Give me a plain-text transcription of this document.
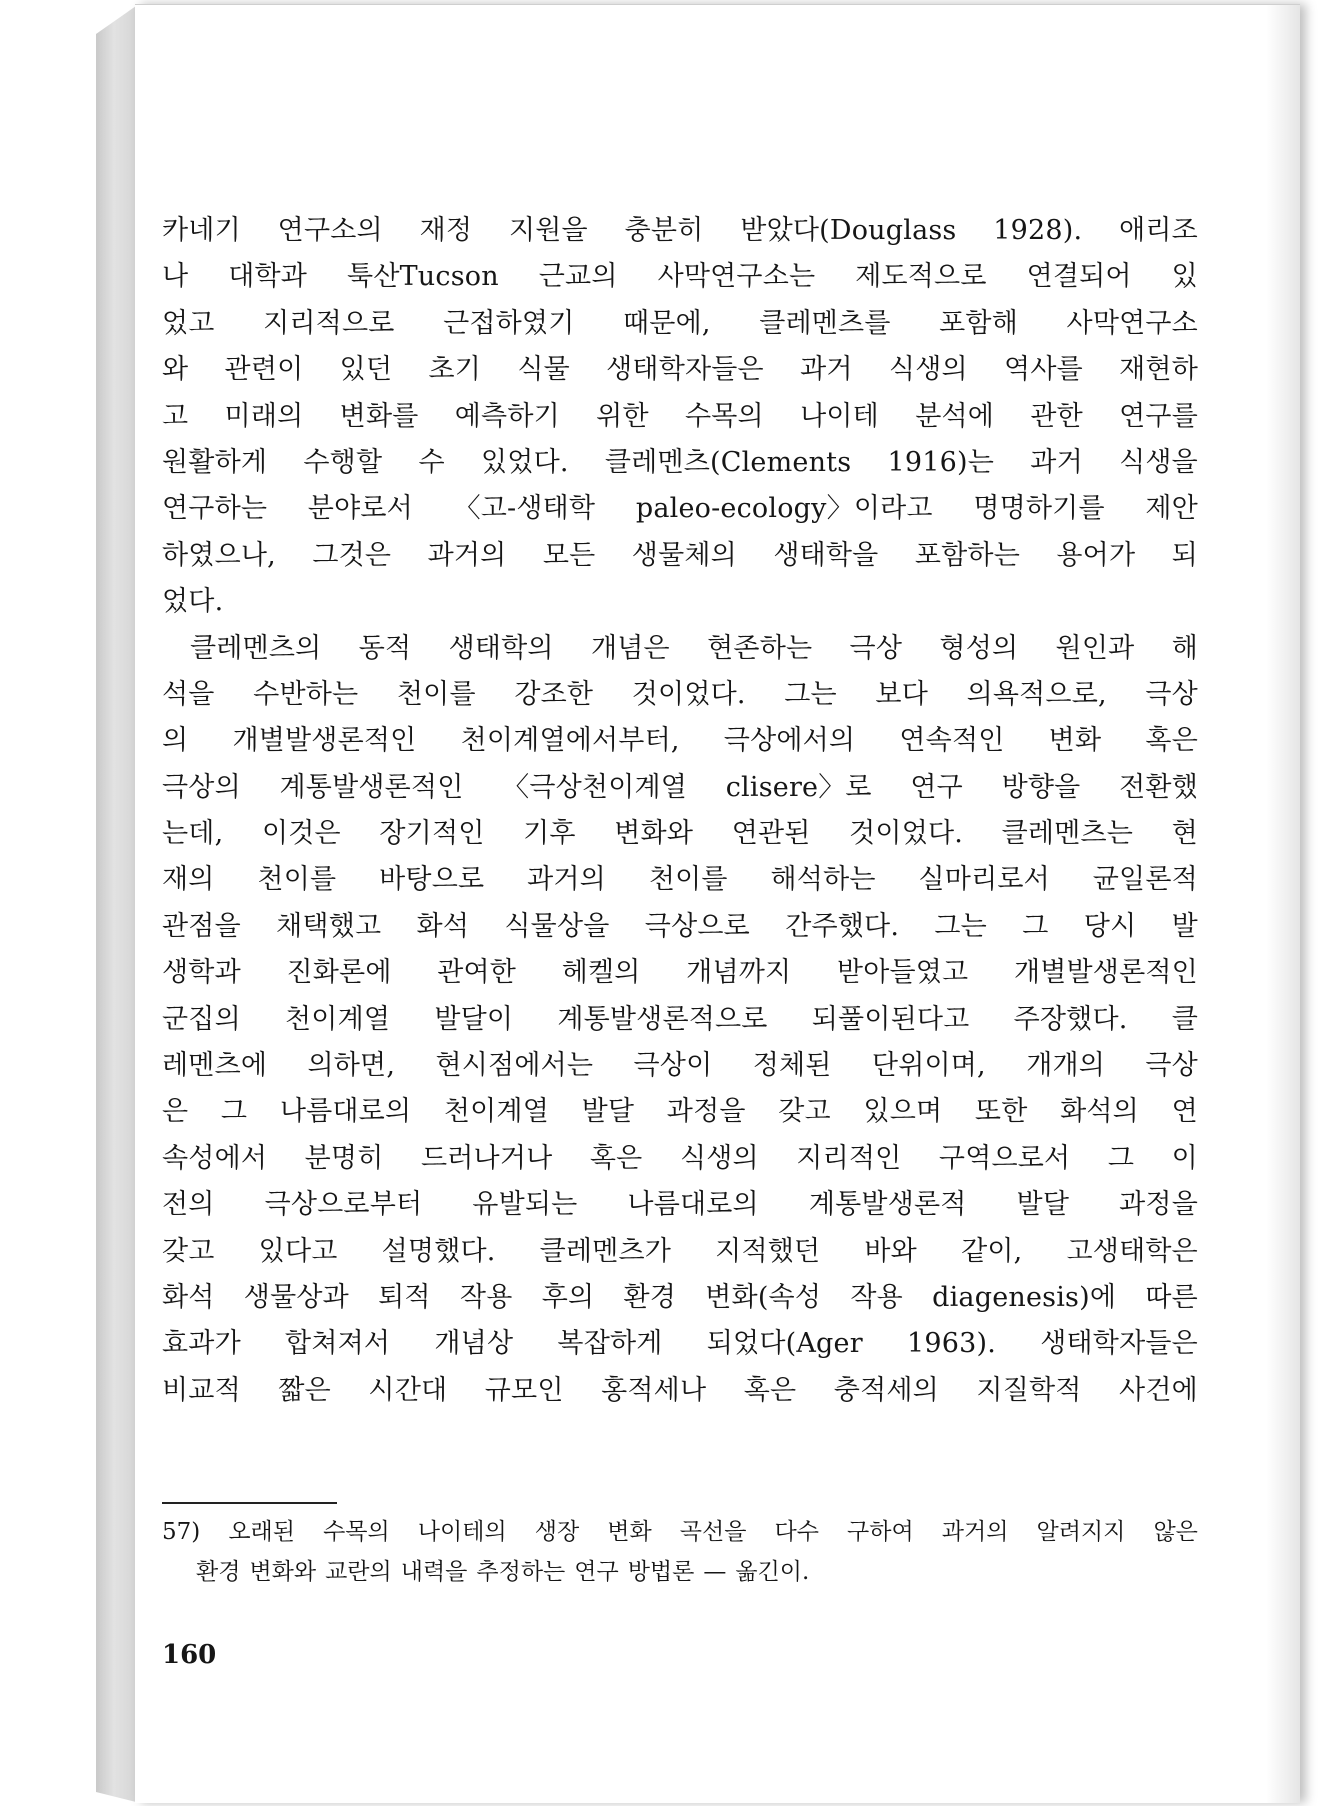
카네기 연구소의 재정 지원을 충분히 받았다(Douglass 1928). 애리조
나 대학과 툭산Tucson 근교의 사막연구소는 제도적으로 연결되어 있
었고 지리적으로 근접하였기 때문에, 클레멘츠를 포함해 사막연구소
와 관련이 있던 초기 식물 생태학자들은 과거 식생의 역사를 재현하
고 미래의 변화를 예측하기 위한 수목의 나이테 분석에 관한 연구를
원활하게 수행할 수 있었다. 클레멘츠(Clements 1916)는 과거 식생을
연구하는 분야로서 〈고-생태학 paleo-ecology〉이라고 명명하기를 제안
하였으나, 그것은 과거의 모든 생물체의 생태학을 포함하는 용어가 되
었다.
클레멘츠의 동적 생태학의 개념은 현존하는 극상 형성의 원인과 해
석을 수반하는 천이를 강조한 것이었다. 그는 보다 의욕적으로, 극상
의 개별발생론적인 천이계열에서부터, 극상에서의 연속적인 변화 혹은
극상의 계통발생론적인 〈극상천이계열 clisere〉로 연구 방향을 전환했
는데, 이것은 장기적인 기후 변화와 연관된 것이었다. 클레멘츠는 현
재의 천이를 바탕으로 과거의 천이를 해석하는 실마리로서 균일론적
관점을 채택했고 화석 식물상을 극상으로 간주했다. 그는 그 당시 발
생학과 진화론에 관여한 헤켈의 개념까지 받아들였고 개별발생론적인
군집의 천이계열 발달이 계통발생론적으로 되풀이된다고 주장했다. 클
레멘츠에 의하면, 현시점에서는 극상이 정체된 단위이며, 개개의 극상
은 그 나름대로의 천이계열 발달 과정을 갖고 있으며 또한 화석의 연
속성에서 분명히 드러나거나 혹은 식생의 지리적인 구역으로서 그 이
전의 극상으로부터 유발되는 나름대로의 계통발생론적 발달 과정을
갖고 있다고 설명했다. 클레멘츠가 지적했던 바와 같이, 고생태학은
화석 생물상과 퇴적 작용 후의 환경 변화(속성 작용 diagenesis)에 따른
효과가 합쳐져서 개념상 복잡하게 되었다(Ager 1963). 생태학자들은
비교적 짧은 시간대 규모인 홍적세나 혹은 충적세의 지질학적 사건에
57) 오래된 수목의 나이테의 생장 변화 곡선을 다수 구하여 과거의 알려지지 않은
환경 변화와 교란의 내력을 추정하는 연구 방법론 — 옮긴이.
160
